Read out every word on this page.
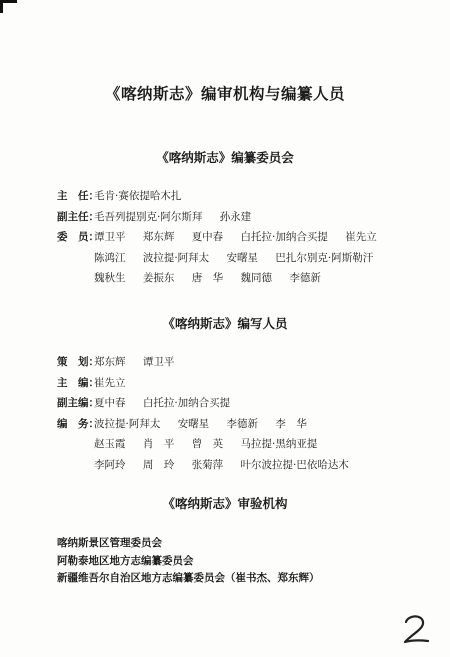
《喀纳斯志》编审机构与编纂人员
《喀纳斯志》编纂委员会
主　任：
毛肯·赛依提哈木扎
副主任：
毛吾列提别克·阿尔斯拜 孙永建
委　员：
谭卫平 郑东辉 夏中春 白托拉·加纳合买提 崔先立
陈鸿江 波拉提·阿拜太 安曙星 巴扎尔别克·阿斯勒汗
魏秋生 姜振东 唐　华 魏同德 李德新
《喀纳斯志》编写人员
策　划：
郑东辉 谭卫平
主　编：
崔先立
副主编：
夏中春 白托拉·加纳合买提
编　务：
波拉提·阿拜太 安曙星 李德新 李　华
赵玉霞 肖　平 曾　英 马拉提·黑纳亚提
李阿玲 周　玲 张菊萍 叶尔波拉提·巴依哈达木
《喀纳斯志》审验机构
喀纳斯景区管理委员会
阿勒泰地区地方志编纂委员会
新疆维吾尔自治区地方志编纂委员会（崔书杰、郑东辉）
